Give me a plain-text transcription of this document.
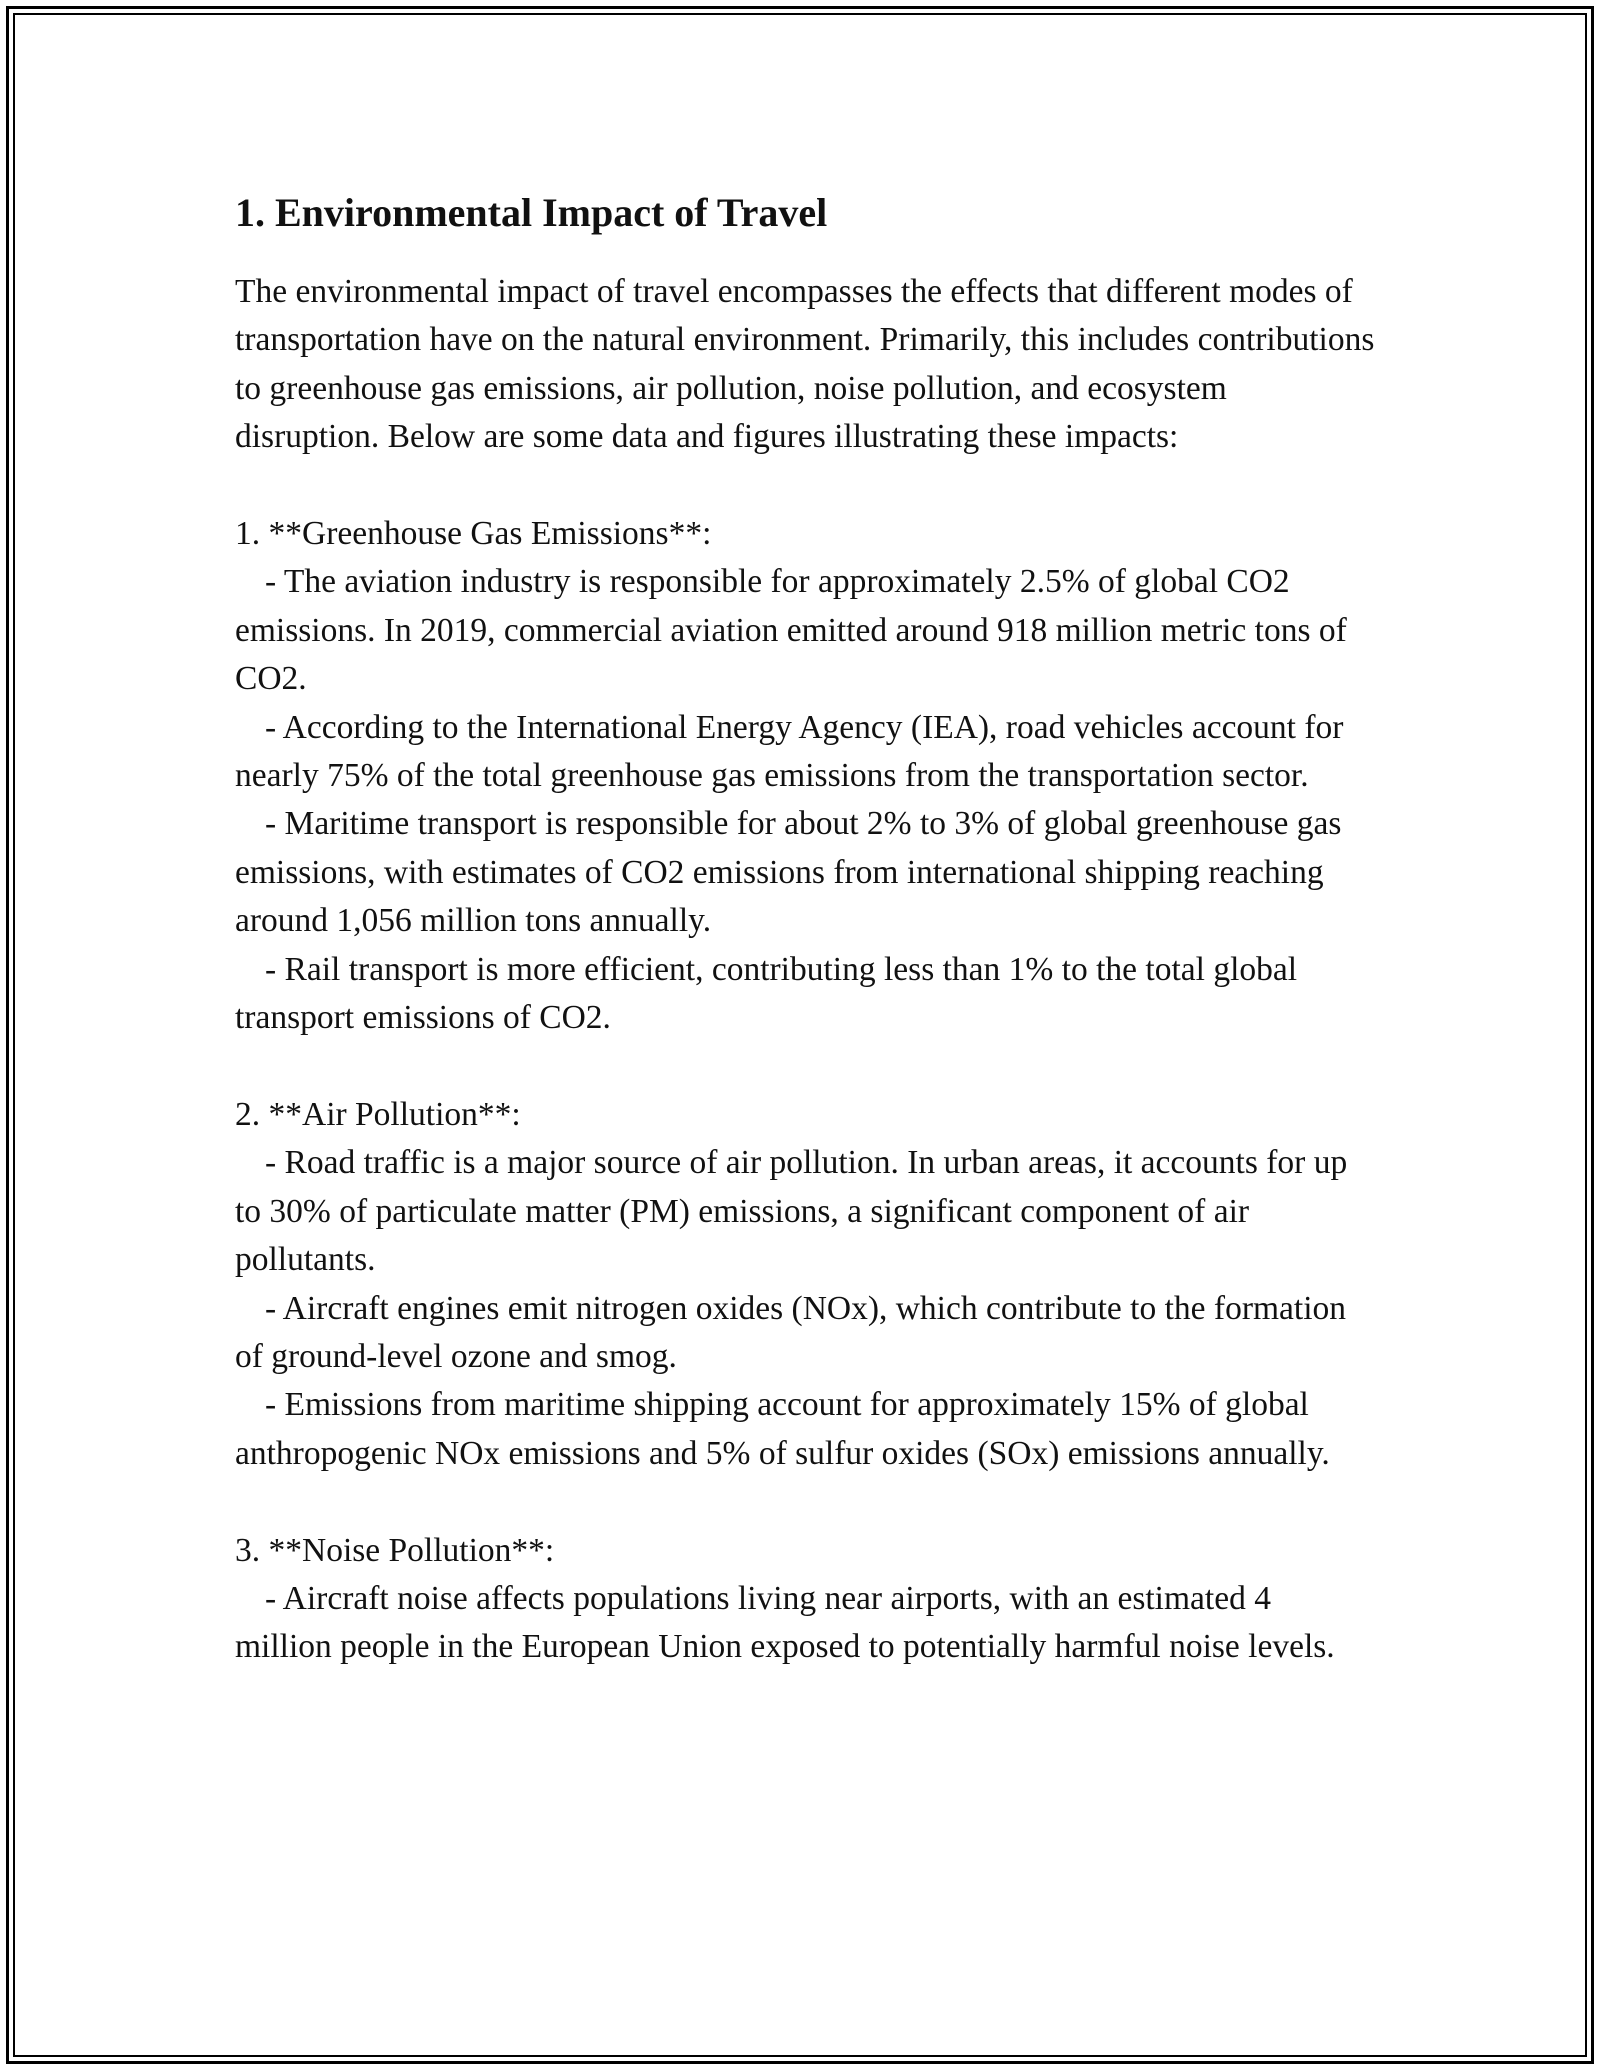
1. Environmental Impact of Travel

The environmental impact of travel encompasses the effects that different modes of transportation have on the natural environment. Primarily, this includes contributions to greenhouse gas emissions, air pollution, noise pollution, and ecosystem disruption. Below are some data and figures illustrating these impacts:

1. **Greenhouse Gas Emissions**:

- The aviation industry is responsible for approximately 2.5% of global CO2 emissions. In 2019, commercial aviation emitted around 918 million metric tons of CO2.

- According to the International Energy Agency (IEA), road vehicles account for nearly 75% of the total greenhouse gas emissions from the transportation sector.

- Maritime transport is responsible for about 2% to 3% of global greenhouse gas emissions, with estimates of CO2 emissions from international shipping reaching around 1,056 million tons annually.

- Rail transport is more efficient, contributing less than 1% to the total global transport emissions of CO2.

2. **Air Pollution**:

- Road traffic is a major source of air pollution. In urban areas, it accounts for up to 30% of particulate matter (PM) emissions, a significant component of air pollutants.

- Aircraft engines emit nitrogen oxides (NOx), which contribute to the formation of ground-level ozone and smog.

- Emissions from maritime shipping account for approximately 15% of global anthropogenic NOx emissions and 5% of sulfur oxides (SOx) emissions annually.

3. **Noise Pollution**:

- Aircraft noise affects populations living near airports, with an estimated 4 million people in the European Union exposed to potentially harmful noise levels.
